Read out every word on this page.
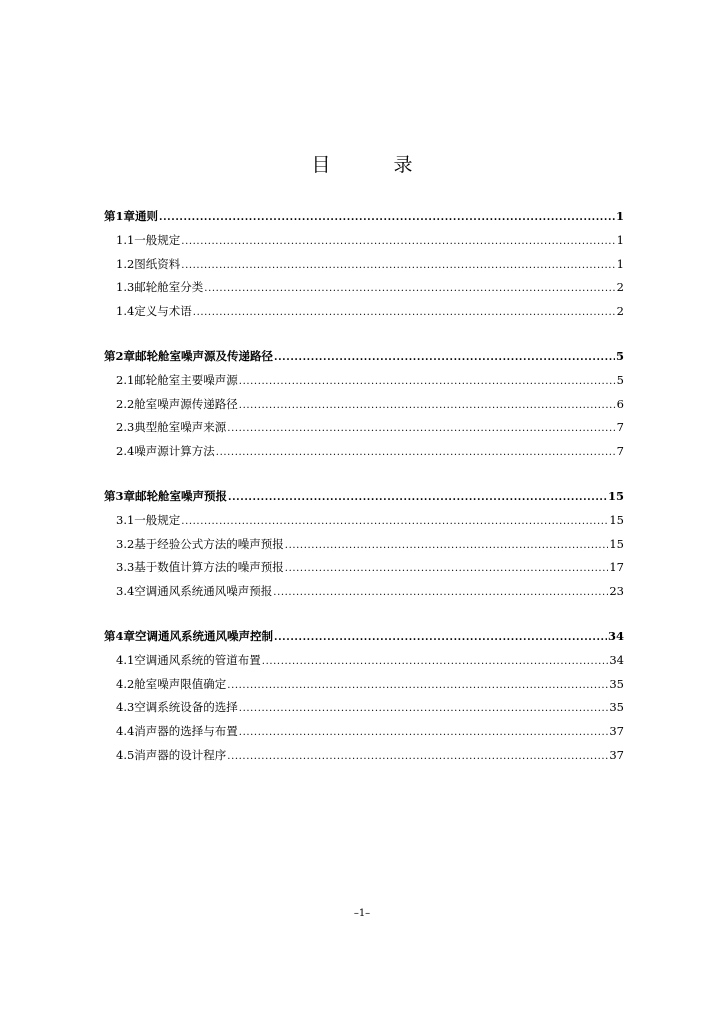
目　录
第1章 通则 .....	1
1.1 一般规定 .....	1
1.2 图纸资料 .....	1
1.3 邮轮舱室分类 .....	2
1.4 定义与术语 .....	2
第2章 邮轮舱室噪声源及传递路径 .....	5
2.1 邮轮舱室主要噪声源 .....	5
2.2 舱室噪声源传递路径 .....	6
2.3 典型舱室噪声来源 .....	7
2.4 噪声源计算方法 .....	7
第3章 邮轮舱室噪声预报 .....	15
3.1 一般规定 .....	15
3.2 基于经验公式方法的噪声预报 .....	15
3.3 基于数值计算方法的噪声预报 .....	17
3.4 空调通风系统通风噪声预报 .....	23
第4章 空调通风系统通风噪声控制 .....	34
4.1 空调通风系统的管道布置 .....	34
4.2 舱室噪声限值确定 .....	35
4.3 空调系统设备的选择 .....	35
4.4 消声器的选择与布置 .....	37
4.5 消声器的设计程序 .....	37
–1–
